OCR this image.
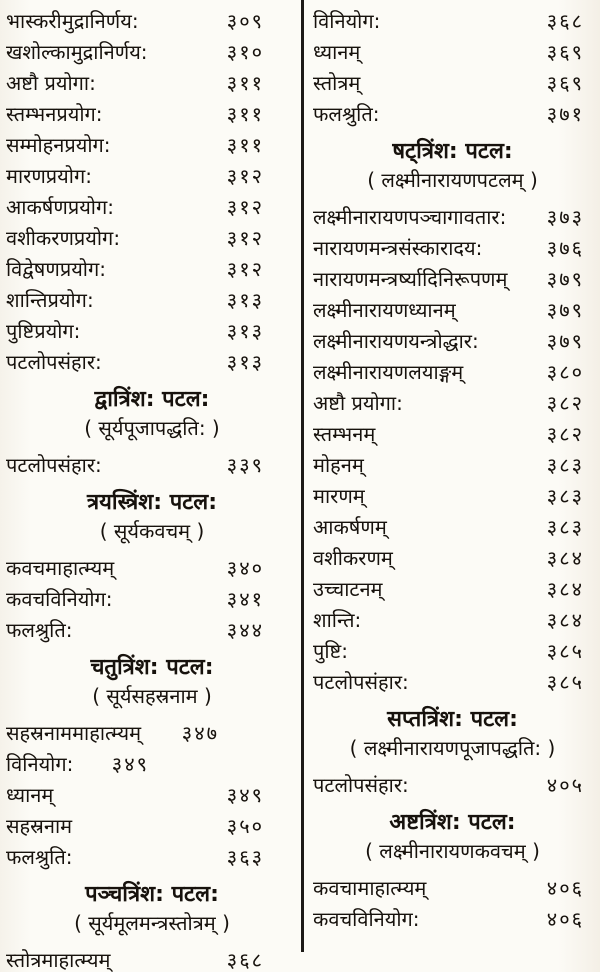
भास्करीमुद्रानिर्णय:	३०९
खशोल्कामुद्रानिर्णय:	३१०
अष्टौ प्रयोगा:	३११
स्तम्भनप्रयोग:	३११
सम्मोहनप्रयोग:	३११
मारणप्रयोग:	३१२
आकर्षणप्रयोग:	३१२
वशीकरणप्रयोग:	३१२
विद्वेषणप्रयोग:	३१२
शान्तिप्रयोग:	३१३
पुष्टिप्रयोग:	३१३
पटलोपसंहार:	३१३
द्वात्रिंश: पटल:
( सूर्यपूजापद्धति: )
पटलोपसंहार:	३३९
त्रयस्त्रिंश: पटल:
( सूर्यकवचम् )
कवचमाहात्म्यम्	३४०
कवचविनियोग:	३४१
फलश्रुति:	३४४
चतुत्रिंश: पटल:
( सूर्यसहस्रनाम )
सहस्रनाममाहात्म्यम् ३४७
विनियोग: ३४९
ध्यानम्	३४९
सहस्रनाम	३५०
फलश्रुति:	३६३
पञ्चत्रिंश: पटल:
( सूर्यमूलमन्त्रस्तोत्रम् )
स्तोत्रमाहात्म्यम्	३६८
विनियोग:	३६८
ध्यानम्	३६९
स्तोत्रम्	३६९
फलश्रुति:	३७१
षट्त्रिंश: पटल:
( लक्ष्मीनारायणपटलम् )
लक्ष्मीनारायणपञ्चागावतार: ३७३
नारायणमन्त्रसंस्कारादय:	३७६
नारायणमन्त्रर्ष्यादिनिरूपणम् ३७९
लक्ष्मीनारायणध्यानम्	३७९
लक्ष्मीनारायणयन्त्रोद्धार:	३७९
लक्ष्मीनारायणलयाङ्गम्	३८०
अष्टौ प्रयोगा:	३८२
स्तम्भनम्	३८२
मोहनम्	३८३
मारणम्	३८३
आकर्षणम्	३८३
वशीकरणम्	३८४
उच्चाटनम्	३८४
शान्ति:	३८४
पुष्टि:	३८५
पटलोपसंहार:	३८५
सप्तत्रिंश: पटल:
( लक्ष्मीनारायणपूजापद्धति: )
पटलोपसंहार:	४०५
अष्टत्रिंश: पटल:
( लक्ष्मीनारायणकवचम् )
कवचामाहात्म्यम्	४०६
कवचविनियोग:	४०६
